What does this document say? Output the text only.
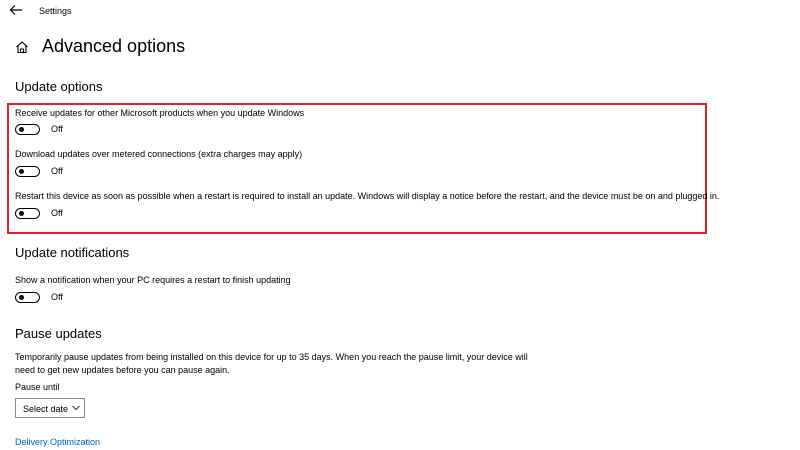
Settings
Advanced options
Update options
Receive updates for other Microsoft products when you update Windows
Off
Download updates over metered connections (extra charges may apply)
Off
Restart this device as soon as possible when a restart is required to install an update. Windows will display a notice before the restart, and the device must be on and plugged in.
Off
Update notifications
Show a notification when your PC requires a restart to finish updating
Off
Pause updates
Temporarily pause updates from being installed on this device for up to 35 days. When you reach the pause limit, your device will need to get new updates before you can pause again.
Pause until
Select date
Delivery Optimization
